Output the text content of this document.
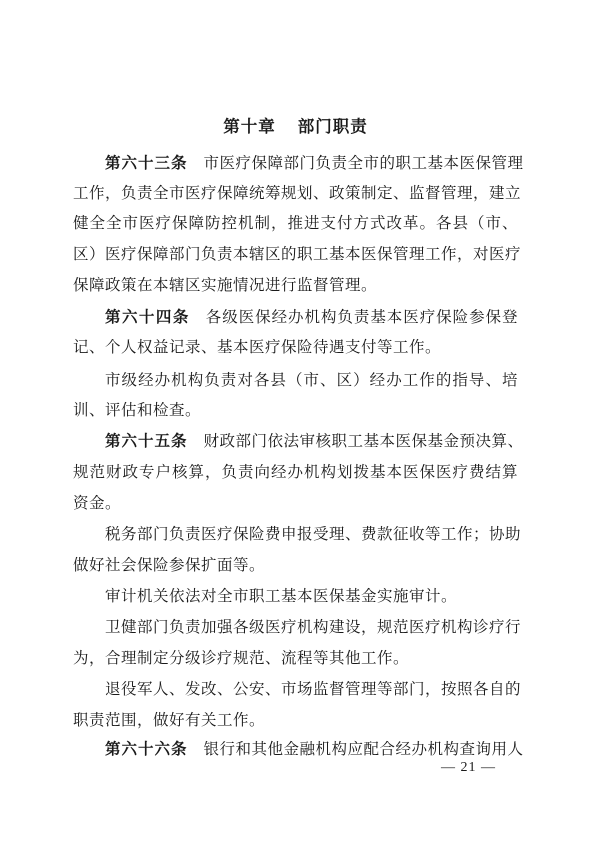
第十章 部门职责
第六十三条 市医疗保障部门负责全市的职工基本医保管理
工作，负责全市医疗保障统筹规划、政策制定、监督管理，建立
健全全市医疗保障防控机制，推进支付方式改革。各县（市、
区）医疗保障部门负责本辖区的职工基本医保管理工作，对医疗
保障政策在本辖区实施情况进行监督管理。
第六十四条 各级医保经办机构负责基本医疗保险参保登
记、个人权益记录、基本医疗保险待遇支付等工作。
市级经办机构负责对各县（市、区）经办工作的指导、培
训、评估和检查。
第六十五条 财政部门依法审核职工基本医保基金预决算、
规范财政专户核算，负责向经办机构划拨基本医保医疗费结算
资金。
税务部门负责医疗保险费申报受理、费款征收等工作；协助
做好社会保险参保扩面等。
审计机关依法对全市职工基本医保基金实施审计。
卫健部门负责加强各级医疗机构建设，规范医疗机构诊疗行
为，合理制定分级诊疗规范、流程等其他工作。
退役军人、发改、公安、市场监督管理等部门，按照各自的
职责范围，做好有关工作。
第六十六条 银行和其他金融机构应配合经办机构查询用人
— 21 —
